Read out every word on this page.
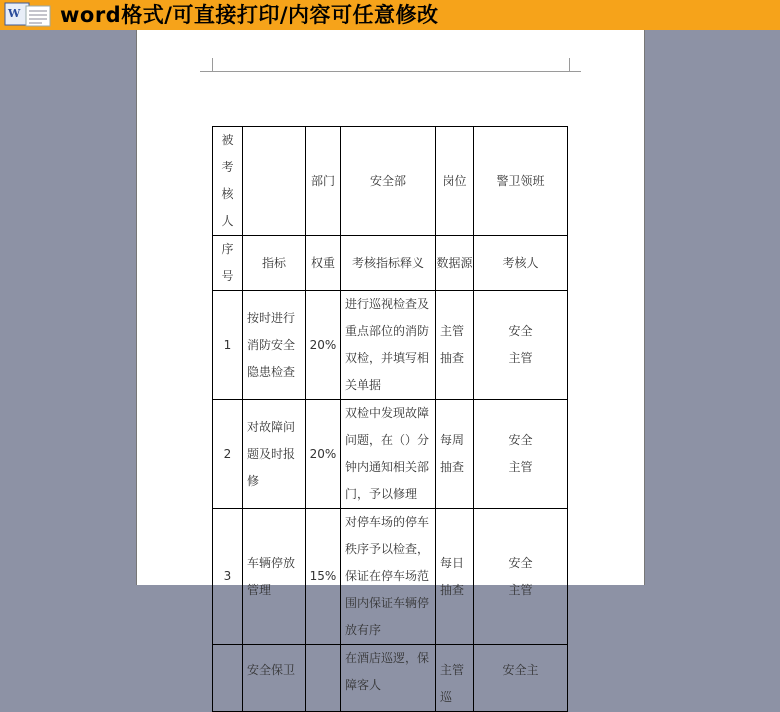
W word格式/可直接打印/内容可任意修改
被考核人		部门	安全部	岗位	警卫领班

序号	指标	权重	考核指标释义	数据源	考核人
1	按时进行消防安全隐患检查	20%	进行巡视检查及重点部位的消防双检，并填写相关单据	主管抽查	安全主管

2	对故障问题及时报修	20%	双检中发现故障问题，在（）分钟内通知相关部门，予以修理	每周抽查	安全主管

3	车辆停放管理	15%	对停车场的停车秩序予以检查，保证在停车场范围内保证车辆停放有序	每日抽查	安全主管

	安全保卫		在酒店巡逻，保障客人	主管巡	安全主
